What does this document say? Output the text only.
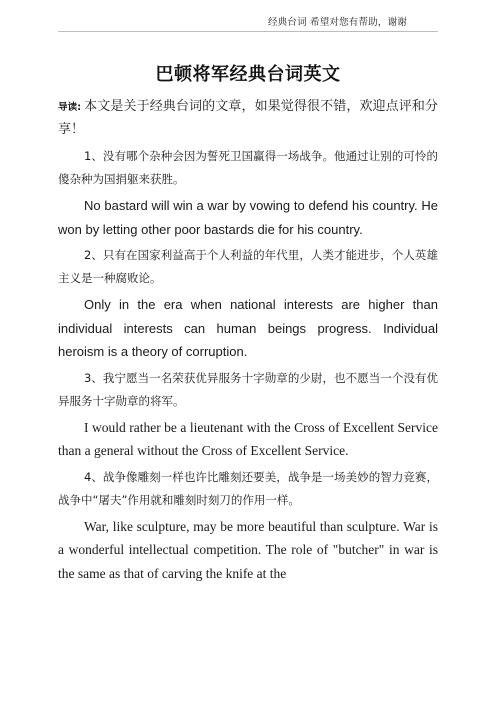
经典台词 希望对您有帮助，谢谢
巴顿将军经典台词英文

导读: 本文是关于经典台词的文章，如果觉得很不错，欢迎点评和分享！

1、没有哪个杂种会因为誓死卫国赢得一场战争。他通过让别的可怜的傻杂种为国捐躯来获胜。

No bastard will win a war by vowing to defend his country. He won by letting other poor bastards die for his country.

2、只有在国家利益高于个人利益的年代里，人类才能进步，个人英雄主义是一种腐败论。

Only in the era when national interests are higher than individual interests can human beings progress. Individual heroism is a theory of corruption.

3、我宁愿当一名荣获优异服务十字勋章的少尉，也不愿当一个没有优异服务十字勋章的将军。

I would rather be a lieutenant with the Cross of Excellent Service than a general without the Cross of Excellent Service.

4、战争像雕刻一样也许比雕刻还要美，战争是一场美妙的智力竞赛，战争中“屠夫”作用就和雕刻时刻刀的作用一样。

War, like sculpture, may be more beautiful than sculpture. War is a wonderful intellectual competition. The role of "butcher" in war is the same as that of carving the knife at the
